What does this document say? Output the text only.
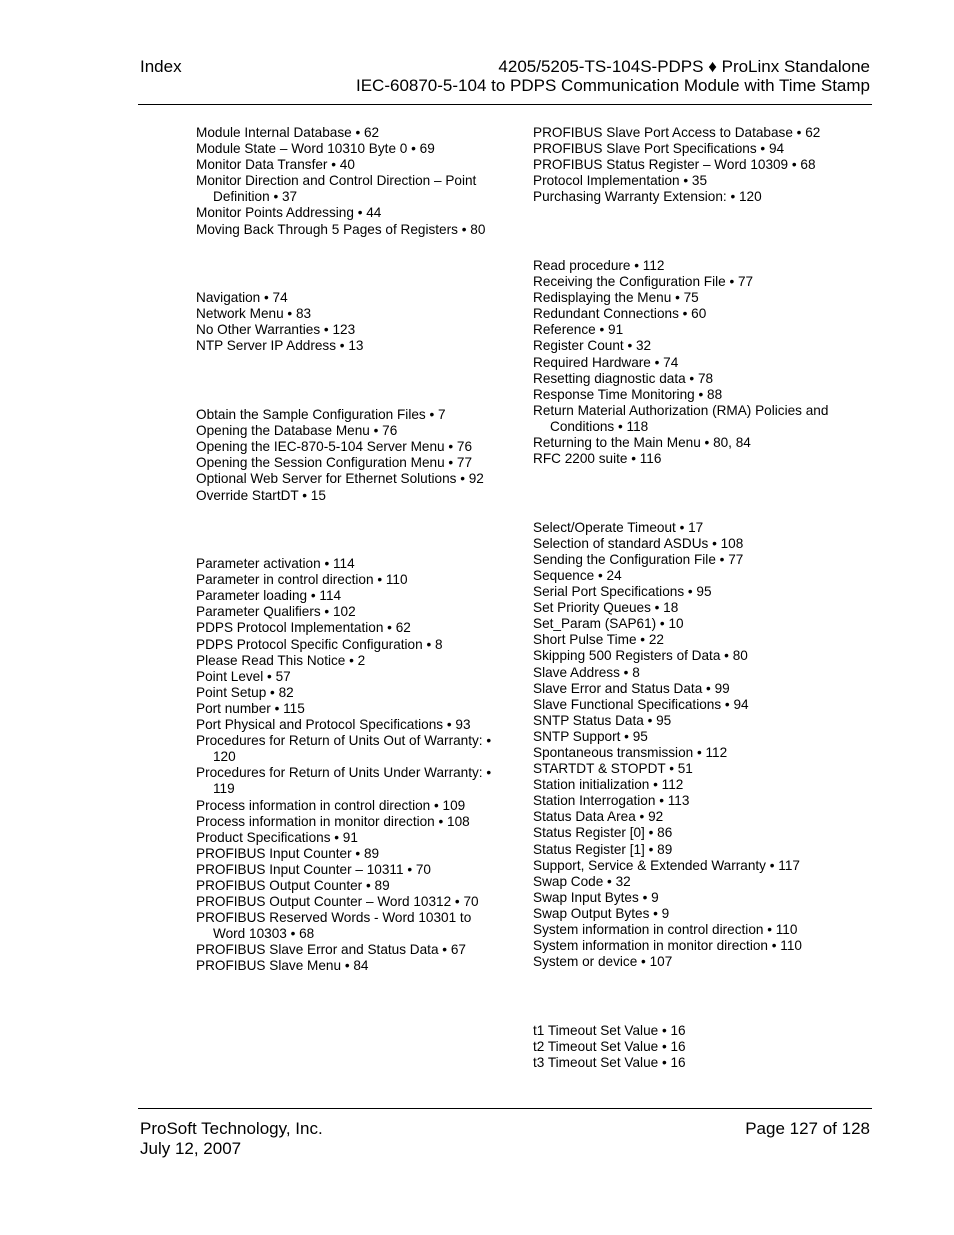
Index	4205/5205-TS-104S-PDPS ♦ ProLinx Standalone
IEC-60870-5-104 to PDPS Communication Module with Time Stamp
Module Internal Database • 62
Module State – Word 10310 Byte 0 • 69
Monitor Data Transfer • 40
Monitor Direction and Control Direction – Point Definition • 37
Monitor Points Addressing • 44
Moving Back Through 5 Pages of Registers • 80
Navigation • 74
Network Menu • 83
No Other Warranties • 123
NTP Server IP Address • 13
Obtain the Sample Configuration Files • 7
Opening the Database Menu • 76
Opening the IEC-870-5-104 Server Menu • 76
Opening the Session Configuration Menu • 77
Optional Web Server for Ethernet Solutions • 92
Override StartDT • 15
Parameter activation • 114
Parameter in control direction • 110
Parameter loading • 114
Parameter Qualifiers • 102
PDPS Protocol Implementation • 62
PDPS Protocol Specific Configuration • 8
Please Read This Notice • 2
Point Level • 57
Point Setup • 82
Port number • 115
Port Physical and Protocol Specifications • 93
Procedures for Return of Units Out of Warranty: • 120
Procedures for Return of Units Under Warranty: • 119
Process information in control direction • 109
Process information in monitor direction • 108
Product Specifications • 91
PROFIBUS Input Counter • 89
PROFIBUS Input Counter – 10311 • 70
PROFIBUS Output Counter • 89
PROFIBUS Output Counter – Word 10312 • 70
PROFIBUS Reserved Words - Word 10301 to Word 10303 • 68
PROFIBUS Slave Error and Status Data • 67
PROFIBUS Slave Menu • 84
PROFIBUS Slave Port Access to Database • 62
PROFIBUS Slave Port Specifications • 94
PROFIBUS Status Register – Word 10309 • 68
Protocol Implementation • 35
Purchasing Warranty Extension: • 120
Read procedure • 112
Receiving the Configuration File • 77
Redisplaying the Menu • 75
Redundant Connections • 60
Reference • 91
Register Count • 32
Required Hardware • 74
Resetting diagnostic data • 78
Response Time Monitoring • 88
Return Material Authorization (RMA) Policies and Conditions • 118
Returning to the Main Menu • 80, 84
RFC 2200 suite • 116
Select/Operate Timeout • 17
Selection of standard ASDUs • 108
Sending the Configuration File • 77
Sequence • 24
Serial Port Specifications • 95
Set Priority Queues • 18
Set_Param (SAP61) • 10
Short Pulse Time • 22
Skipping 500 Registers of Data • 80
Slave Address • 8
Slave Error and Status Data • 99
Slave Functional Specifications • 94
SNTP Status Data • 95
SNTP Support • 95
Spontaneous transmission • 112
STARTDT & STOPDT • 51
Station initialization • 112
Station Interrogation • 113
Status Data Area • 92
Status Register [0] • 86
Status Register [1] • 89
Support, Service & Extended Warranty • 117
Swap Code • 32
Swap Input Bytes • 9
Swap Output Bytes • 9
System information in control direction • 110
System information in monitor direction • 110
System or device • 107
t1 Timeout Set Value • 16
t2 Timeout Set Value • 16
t3 Timeout Set Value • 16
ProSoft Technology, Inc.
July 12, 2007
Page 127 of 128
